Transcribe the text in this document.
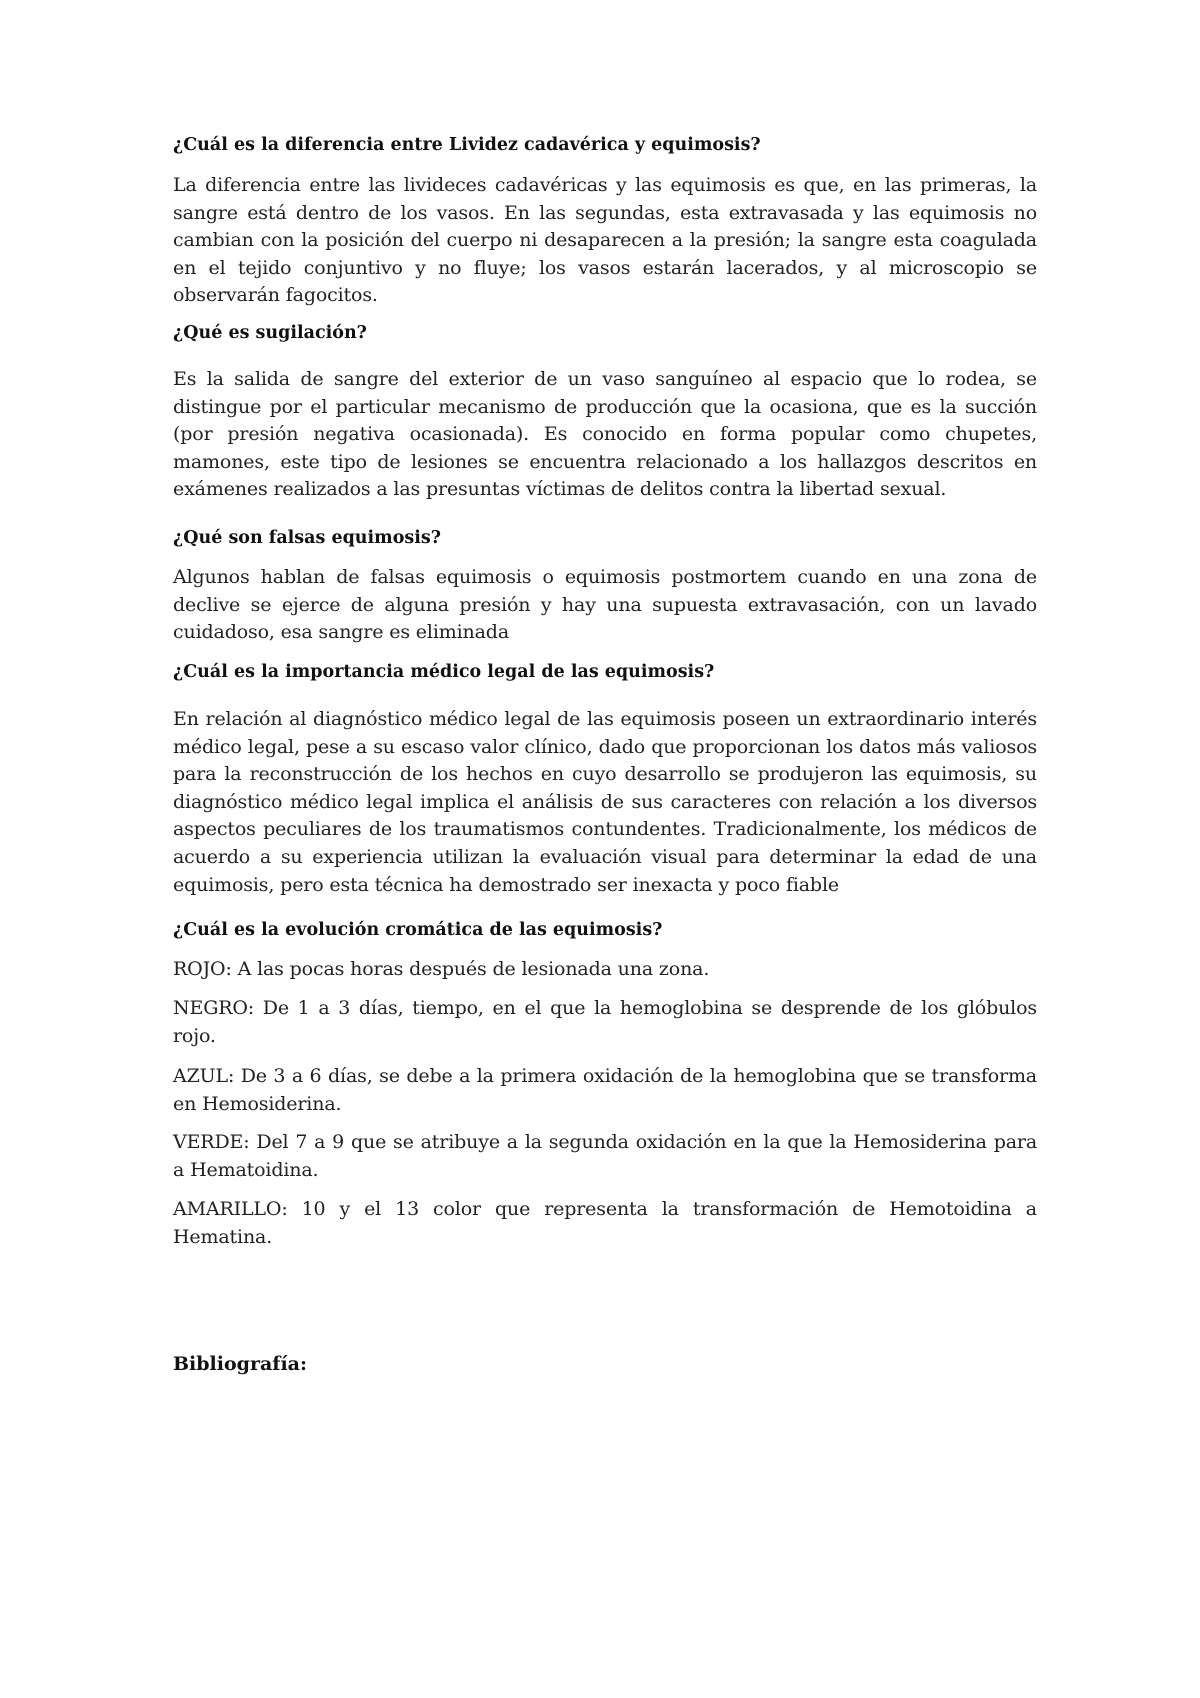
¿Cuál es la diferencia entre Lividez cadavérica y equimosis?

La diferencia entre las livideces cadavéricas y las equimosis es que, en las primeras, la sangre está dentro de los vasos. En las segundas, esta extravasada y las equimosis no cambian con la posición del cuerpo ni desaparecen a la presión; la sangre esta coagulada en el tejido conjuntivo y no fluye; los vasos estarán lacerados, y al microscopio se observarán fagocitos.

¿Qué es sugilación?

Es la salida de sangre del exterior de un vaso sanguíneo al espacio que lo rodea, se distingue por el particular mecanismo de producción que la ocasiona, que es la succión (por presión negativa ocasionada). Es conocido en forma popular como chupetes, mamones, este tipo de lesiones se encuentra relacionado a los hallazgos descritos en exámenes realizados a las presuntas víctimas de delitos contra la libertad sexual.

¿Qué son falsas equimosis?

Algunos hablan de falsas equimosis o equimosis postmortem cuando en una zona de declive se ejerce de alguna presión y hay una supuesta extravasación, con un lavado cuidadoso, esa sangre es eliminada

¿Cuál es la importancia médico legal de las equimosis?

En relación al diagnóstico médico legal de las equimosis poseen un extraordinario interés médico legal, pese a su escaso valor clínico, dado que proporcionan los datos más valiosos para la reconstrucción de los hechos en cuyo desarrollo se produjeron las equimosis, su diagnóstico médico legal implica el análisis de sus caracteres con relación a los diversos aspectos peculiares de los traumatismos contundentes. Tradicionalmente, los médicos de acuerdo a su experiencia utilizan la evaluación visual para determinar la edad de una equimosis, pero esta técnica ha demostrado ser inexacta y poco fiable

¿Cuál es la evolución cromática de las equimosis?

ROJO: A las pocas horas después de lesionada una zona.

NEGRO: De 1 a 3 días, tiempo, en el que la hemoglobina se desprende de los glóbulos rojo.

AZUL: De 3 a 6 días, se debe a la primera oxidación de la hemoglobina que se transforma en Hemosiderina.

VERDE: Del 7 a 9 que se atribuye a la segunda oxidación en la que la Hemosiderina para a Hematoidina.

AMARILLO: 10 y el 13 color que representa la transformación de Hemotoidina a Hematina.

Bibliografía:
